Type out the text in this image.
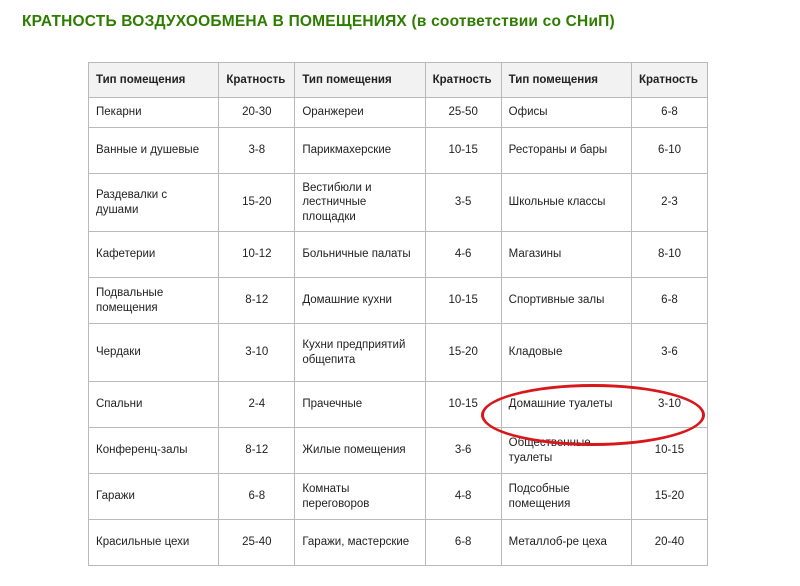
КРАТНОСТЬ ВОЗДУХООБМЕНА В ПОМЕЩЕНИЯХ (в соответствии со СНиП)
Тип помещения	Кратность	Тип помещения	Кратность	Тип помещения	Кратность
Пекарни	20-30	Оранжереи	25-50	Офисы	6-8
Ванные и душевые	3-8	Парикмахерские	10-15	Рестораны и бары	6-10
Раздевалки с душами	15-20	Вестибюли и лестничные площадки	3-5	Школьные классы	2-3
Кафетерии	10-12	Больничные палаты	4-6	Магазины	8-10
Подвальные помещения	8-12	Домашние кухни	10-15	Спортивные залы	6-8
Чердаки	3-10	Кухни предприятий общепита	15-20	Кладовые	3-6
Спальни	2-4	Прачечные	10-15	Домашние туалеты	3-10
Конференц-залы	8-12	Жилые помещения	3-6	Общественные туалеты	10-15
Гаражи	6-8	Комнаты переговоров	4-8	Подсобные помещения	15-20
Красильные цехи	25-40	Гаражи, мастерские	6-8	Металлоб-ре цеха	20-40
